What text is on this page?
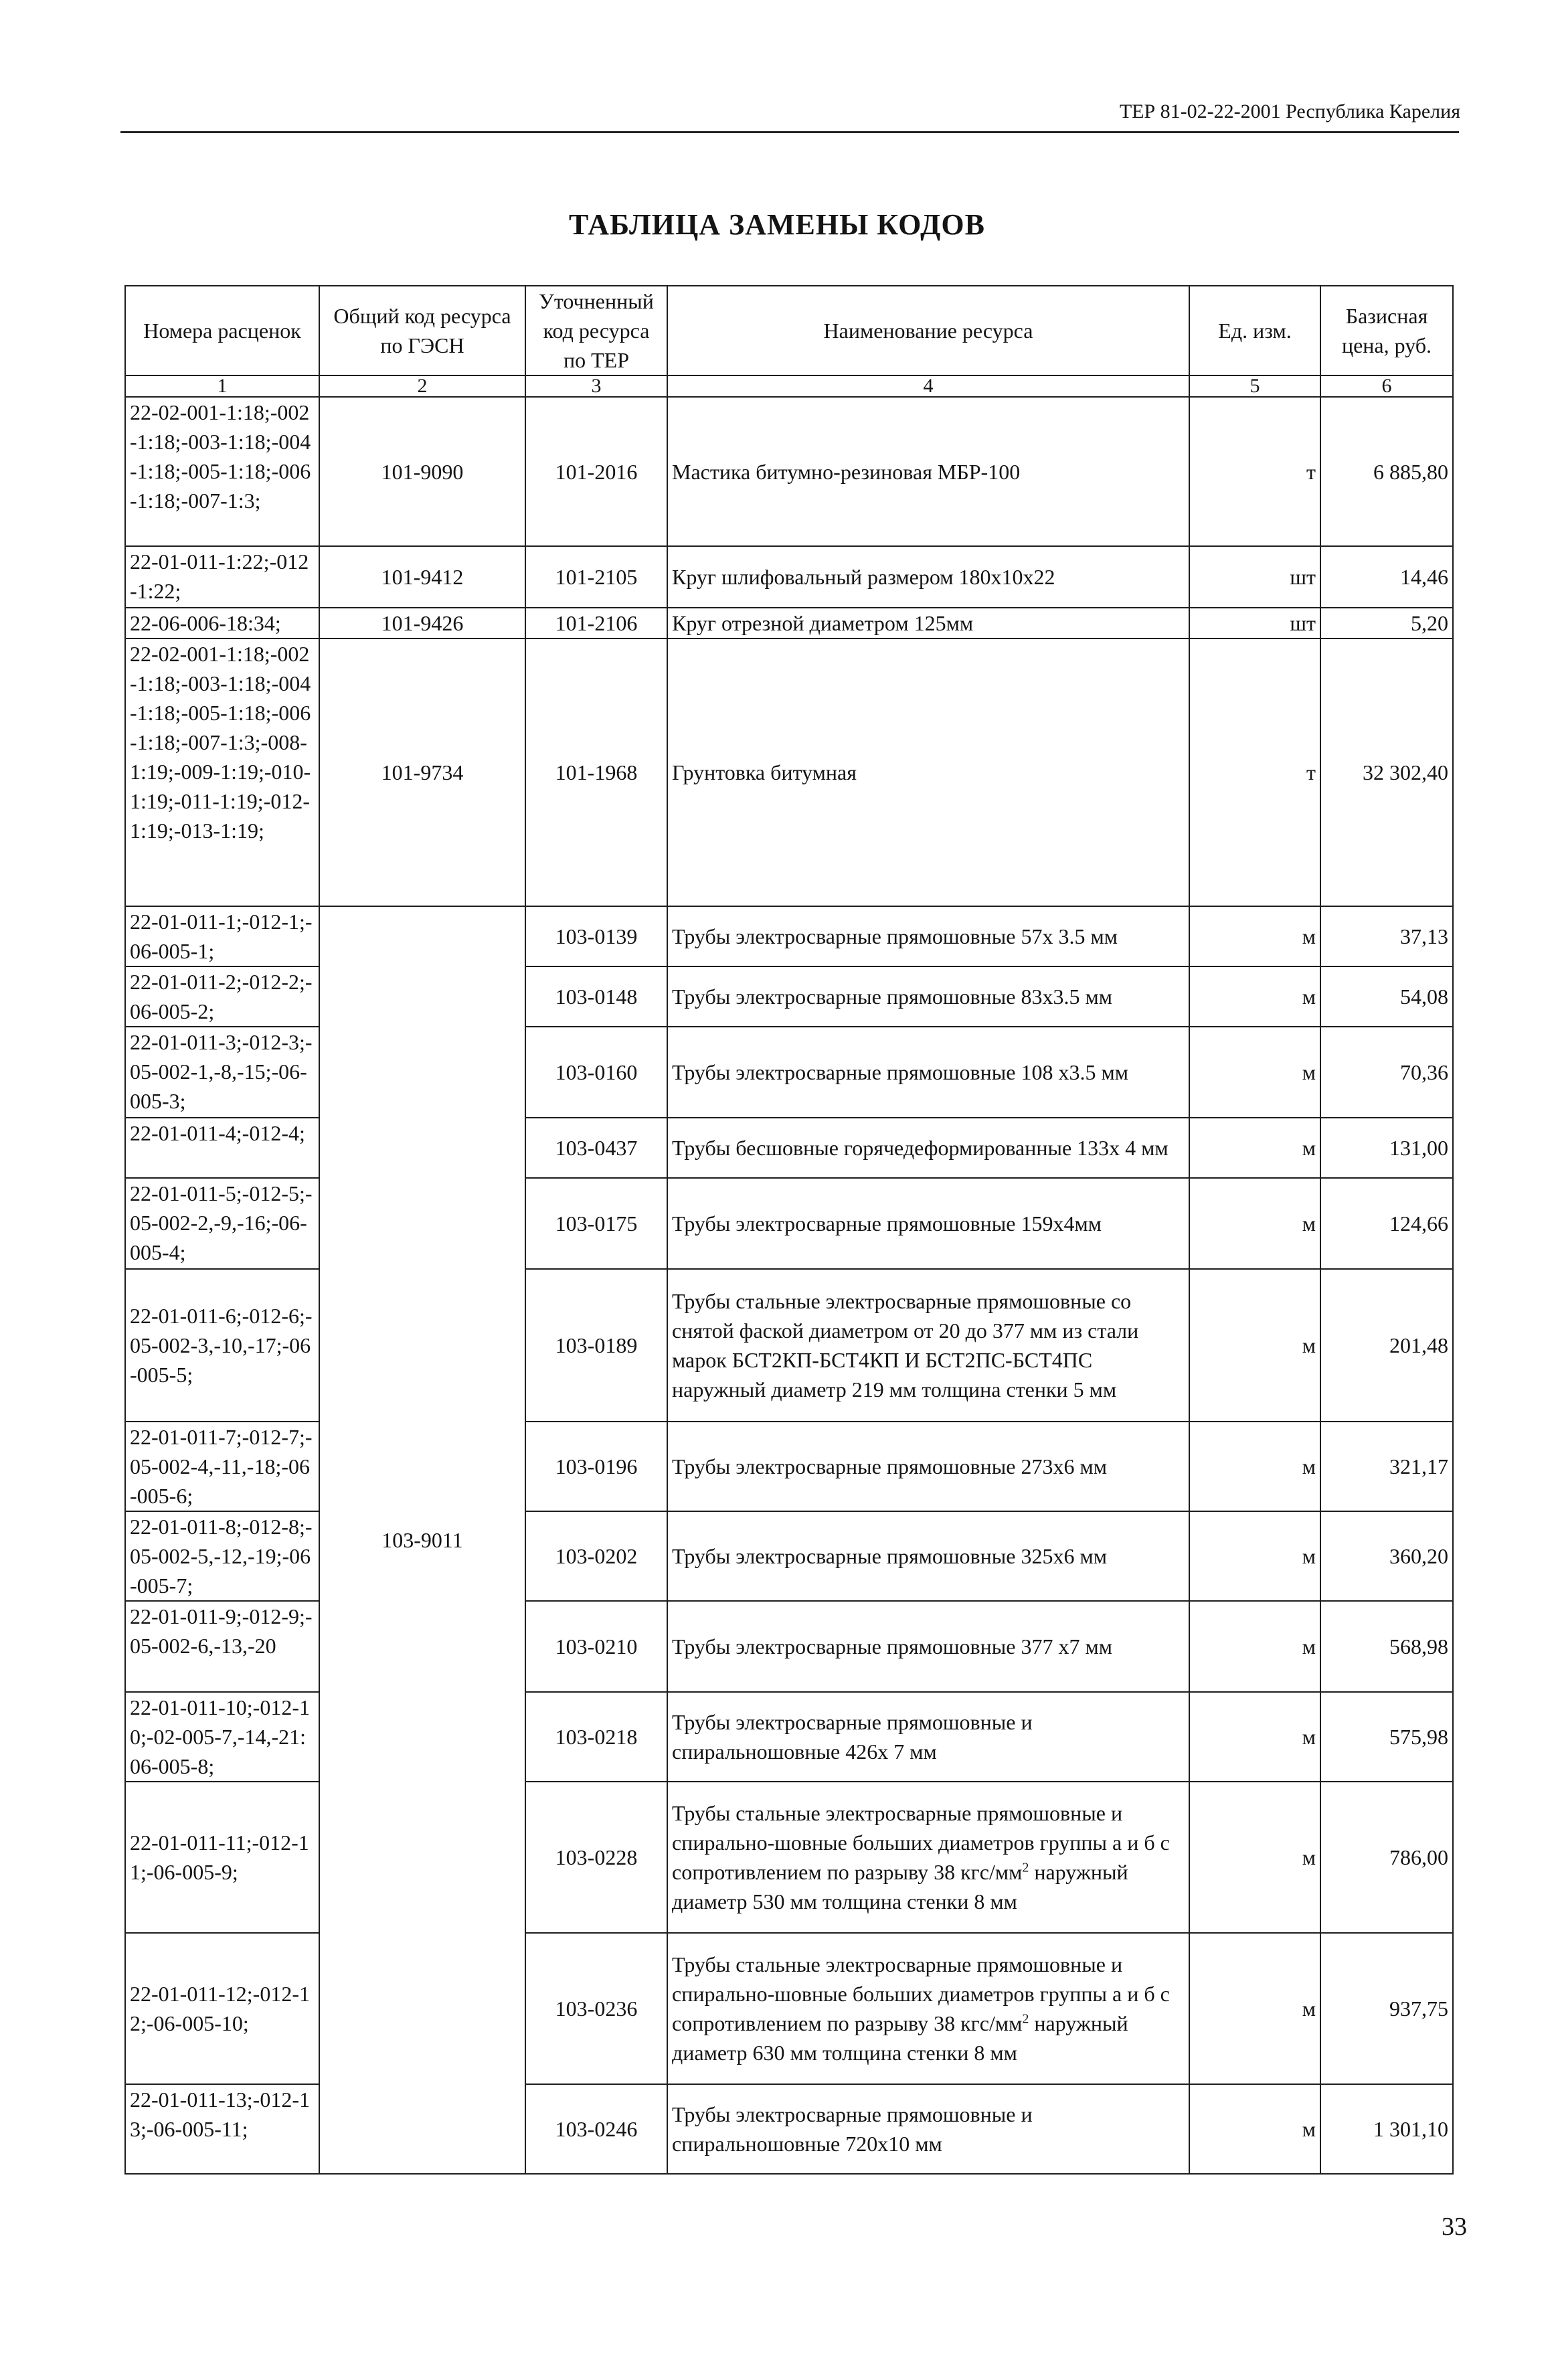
ТЕР 81-02-22-2001 Республика Карелия
ТАБЛИЦА ЗАМЕНЫ КОДОВ
Номера расценок	Общий код ресурса по ГЭСН	Уточненный код ресурса по ТЕР	Наименование ресурса	Ед. изм.	Базисная цена, руб.
1	2	3	4	5	6
22-02-001-1:18;-002-1:18;-003-1:18;-004-1:18;-005-1:18;-006-1:18;-007-1:3;	101-9090	101-2016	Мастика битумно-резиновая МБР-100	т	6 885,80
22-01-011-1:22;-012-1:22;	101-9412	101-2105	Круг шлифовальный размером 180x10x22	шт	14,46
22-06-006-18:34;	101-9426	101-2106	Круг отрезной диаметром 125мм	шт	5,20
22-02-001-1:18;-002-1:18;-003-1:18;-004-1:18;-005-1:18;-006-1:18;-007-1:3;-008-1:19;-009-1:19;-010-1:19;-011-1:19;-012-1:19;-013-1:19;	101-9734	101-1968	Грунтовка битумная	т	32 302,40
22-01-011-1;-012-1;-06-005-1;	103-9011	103-0139	Трубы электросварные прямошовные 57x 3.5 мм	м	37,13
22-01-011-2;-012-2;-06-005-2;		103-0148	Трубы электросварные прямошовные 83x3.5 мм	м	54,08
22-01-011-3;-012-3;-05-002-1,-8,-15;-06-005-3;		103-0160	Трубы электросварные прямошовные 108 x3.5 мм	м	70,36
22-01-011-4;-012-4;		103-0437	Трубы бесшовные горячедеформированные 133x 4 мм	м	131,00
22-01-011-5;-012-5;-05-002-2,-9,-16;-06-005-4;		103-0175	Трубы электросварные прямошовные 159x4мм	м	124,66
22-01-011-6;-012-6;-05-002-3,-10,-17;-06-005-5;		103-0189	Трубы стальные электросварные прямошовные со снятой фаской диаметром от 20 до 377 мм из стали марок БСТ2КП-БСТ4КП И БСТ2ПС-БСТ4ПС наружный диаметр 219 мм толщина стенки 5 мм	м	201,48
22-01-011-7;-012-7;-05-002-4,-11,-18;-06-005-6;		103-0196	Трубы электросварные прямошовные 273x6 мм	м	321,17
22-01-011-8;-012-8;-05-002-5,-12,-19;-06-005-7;		103-0202	Трубы электросварные прямошовные 325x6 мм	м	360,20
22-01-011-9;-012-9;-05-002-6,-13,-20		103-0210	Трубы электросварные прямошовные 377 x7 мм	м	568,98
22-01-011-10;-012-10;-02-005-7,-14,-21:06-005-8;		103-0218	Трубы электросварные прямошовные и спиральношовные 426x 7 мм	м	575,98
22-01-011-11;-012-11;-06-005-9;		103-0228	Трубы стальные электросварные прямошовные и спирально-шовные больших диаметров группы а и б с сопротивлением по разрыву 38 кгс/$мм^2$ наружный диаметр 530 мм толщина стенки 8 мм	м	786,00
22-01-011-12;-012-12;-06-005-10;		103-0236	Трубы стальные электросварные прямошовные и спирально-шовные больших диаметров группы а и б с сопротивлением по разрыву 38 кгс/$мм^2$ наружный диаметр 630 мм толщина стенки 8 мм	м	937,75
22-01-011-13;-012-13;-06-005-11;		103-0246	Трубы электросварные прямошовные и спиральношовные 720x10 мм	м	1 301,10
33
